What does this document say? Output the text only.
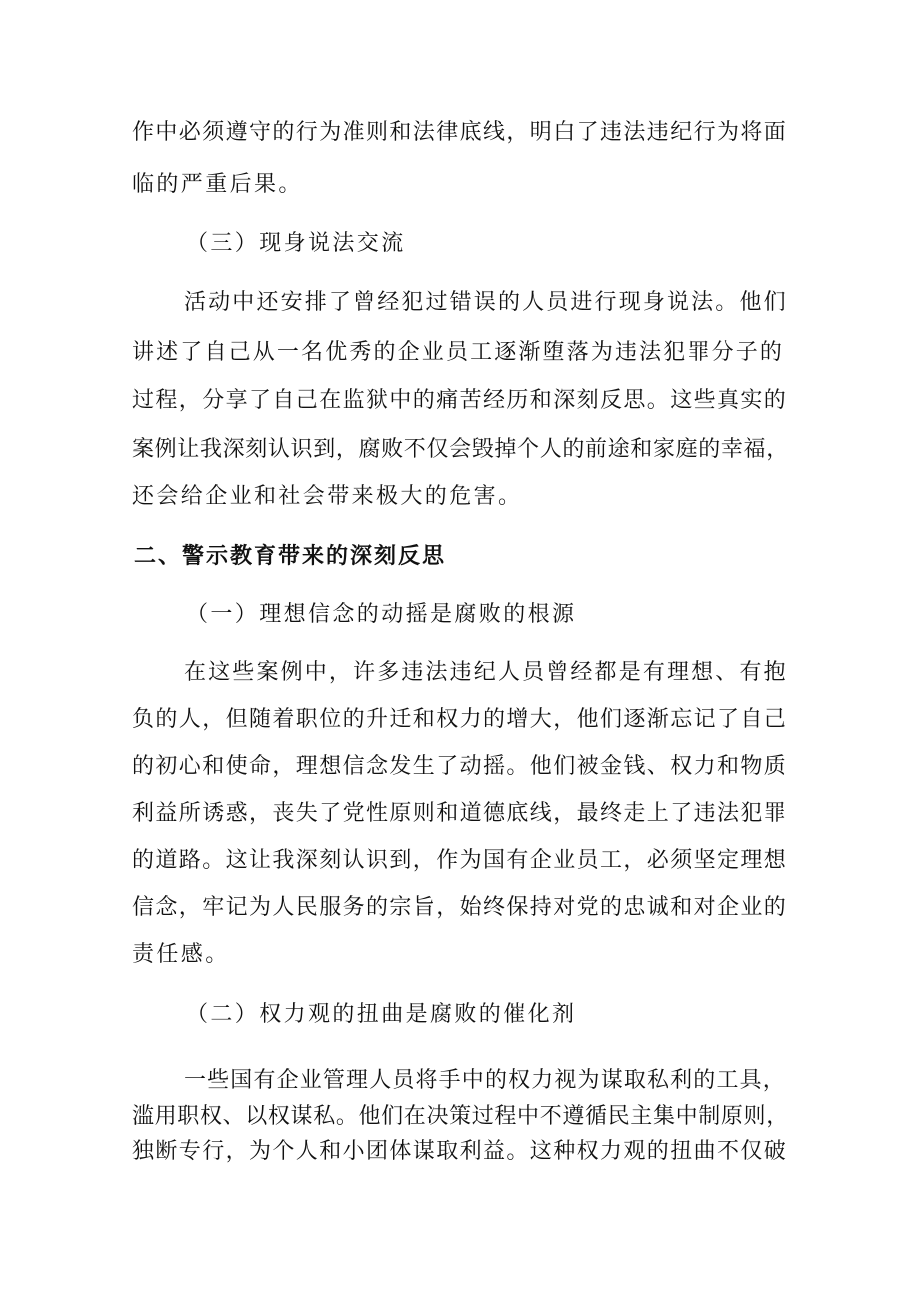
作中必须遵守的行为准则和法律底线，明白了违法违纪行为将面
临的严重后果。
（三）现身说法交流
活动中还安排了曾经犯过错误的人员进行现身说法。他们
讲述了自己从一名优秀的企业员工逐渐堕落为违法犯罪分子的
过程，分享了自己在监狱中的痛苦经历和深刻反思。这些真实的
案例让我深刻认识到，腐败不仅会毁掉个人的前途和家庭的幸福，
还会给企业和社会带来极大的危害。
二、警示教育带来的深刻反思
（一）理想信念的动摇是腐败的根源
在这些案例中，许多违法违纪人员曾经都是有理想、有抱
负的人，但随着职位的升迁和权力的增大，他们逐渐忘记了自己
的初心和使命，理想信念发生了动摇。他们被金钱、权力和物质
利益所诱惑，丧失了党性原则和道德底线，最终走上了违法犯罪
的道路。这让我深刻认识到，作为国有企业员工，必须坚定理想
信念，牢记为人民服务的宗旨，始终保持对党的忠诚和对企业的
责任感。
（二）权力观的扭曲是腐败的催化剂
一些国有企业管理人员将手中的权力视为谋取私利的工具，
滥用职权、以权谋私。他们在决策过程中不遵循民主集中制原则，
独断专行，为个人和小团体谋取利益。这种权力观的扭曲不仅破
